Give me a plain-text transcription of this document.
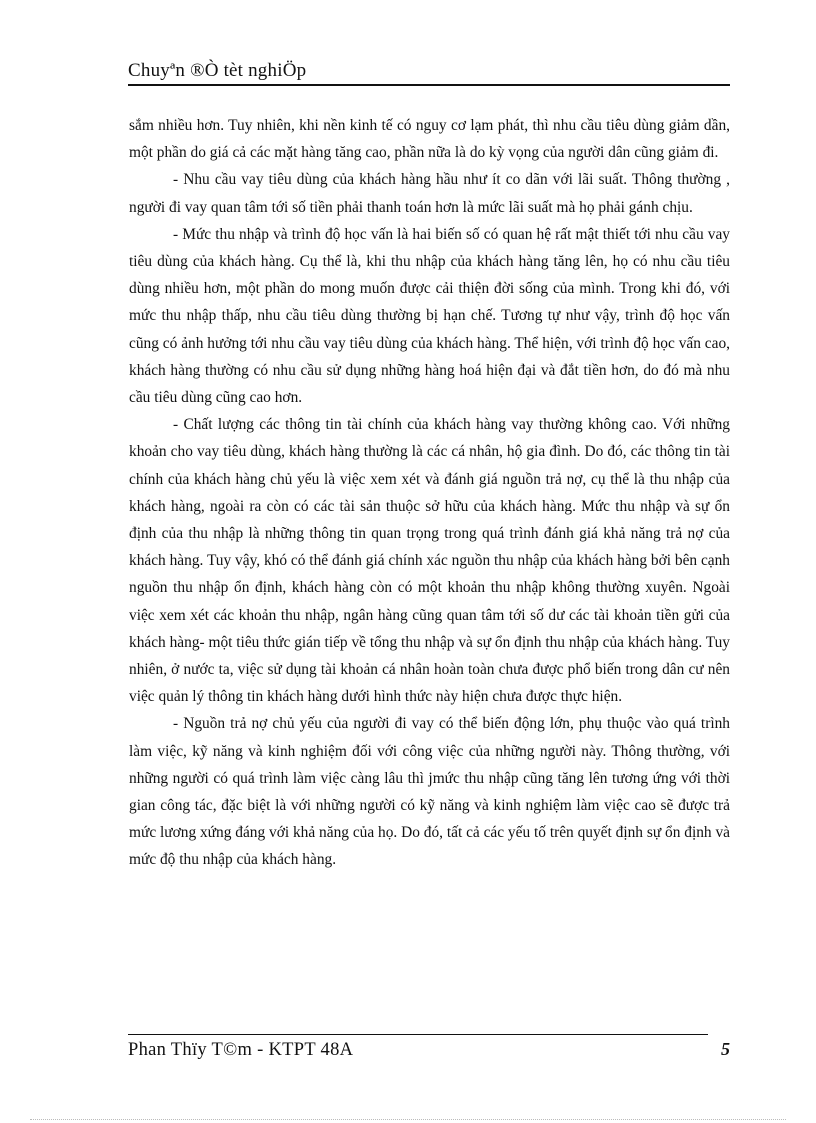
Chuyªn ®Ò tèt nghiÖp

sắm nhiều hơn. Tuy nhiên, khi nền kinh tế có nguy cơ lạm phát, thì nhu cầu tiêu dùng giảm dần, một phần do giá cả các mặt hàng tăng cao, phần nữa là do kỳ vọng của người dân cũng giảm đi.

- Nhu cầu vay tiêu dùng của khách hàng hầu như ít co dãn với lãi suất. Thông thường , người đi vay quan tâm tới số tiền phải thanh toán hơn là mức lãi suất mà họ phải gánh chịu.

- Mức thu nhập và trình độ học vấn là hai biến số có quan hệ rất mật thiết tới nhu cầu vay tiêu dùng của khách hàng. Cụ thể là, khi thu nhập của khách hàng tăng lên, họ có nhu cầu tiêu dùng nhiều hơn, một phần do mong muốn được cải thiện đời sống của mình. Trong khi đó, với mức thu nhập thấp, nhu cầu tiêu dùng thường bị hạn chế. Tương tự như vậy, trình độ học vấn cũng có ảnh hưởng tới nhu cầu vay tiêu dùng của khách hàng. Thể hiện, với trình độ học vấn cao, khách hàng thường có nhu cầu sử dụng những hàng hoá hiện đại và đắt tiền hơn, do đó mà nhu cầu tiêu dùng cũng cao hơn.

- Chất lượng các thông tin tài chính của khách hàng vay thường không cao. Với những khoản cho vay tiêu dùng, khách hàng thường là các cá nhân, hộ gia đình. Do đó, các thông tin tài chính của khách hàng chủ yếu là việc xem xét và đánh giá nguồn trả nợ, cụ thể là thu nhập của khách hàng, ngoài ra còn có các tài sản thuộc sở hữu của khách hàng. Mức thu nhập và sự ổn định của thu nhập là những thông tin quan trọng trong quá trình đánh giá khả năng trả nợ của khách hàng. Tuy vậy, khó có thể đánh giá chính xác nguồn thu nhập của khách hàng bởi bên cạnh nguồn thu nhập ổn định, khách hàng còn có một khoản thu nhập không thường xuyên. Ngoài việc xem xét các khoản thu nhập, ngân hàng cũng quan tâm tới số dư các tài khoản tiền gửi của khách hàng- một tiêu thức gián tiếp về tổng thu nhập và sự ổn định thu nhập của khách hàng. Tuy nhiên, ở nước ta, việc sử dụng tài khoản cá nhân hoàn toàn chưa được phổ biến trong dân cư nên việc quản lý thông tin khách hàng dưới hình thức này hiện chưa được thực hiện.

- Nguồn trả nợ chủ yếu của người đi vay có thể biến động lớn, phụ thuộc vào quá trình làm việc, kỹ năng và kinh nghiệm đối với công việc của những người này. Thông thường, với những người có quá trình làm việc càng lâu thì jmức thu nhập cũng tăng lên tương ứng với thời gian công tác, đặc biệt là với những người có kỹ năng và kinh nghiệm làm việc cao sẽ được trả mức lương xứng đáng với khả năng của họ. Do đó, tất cả các yếu tố trên quyết định sự ổn định và mức độ thu nhập của khách hàng.

Phan Thïy T©m - KTPT 48A	5
